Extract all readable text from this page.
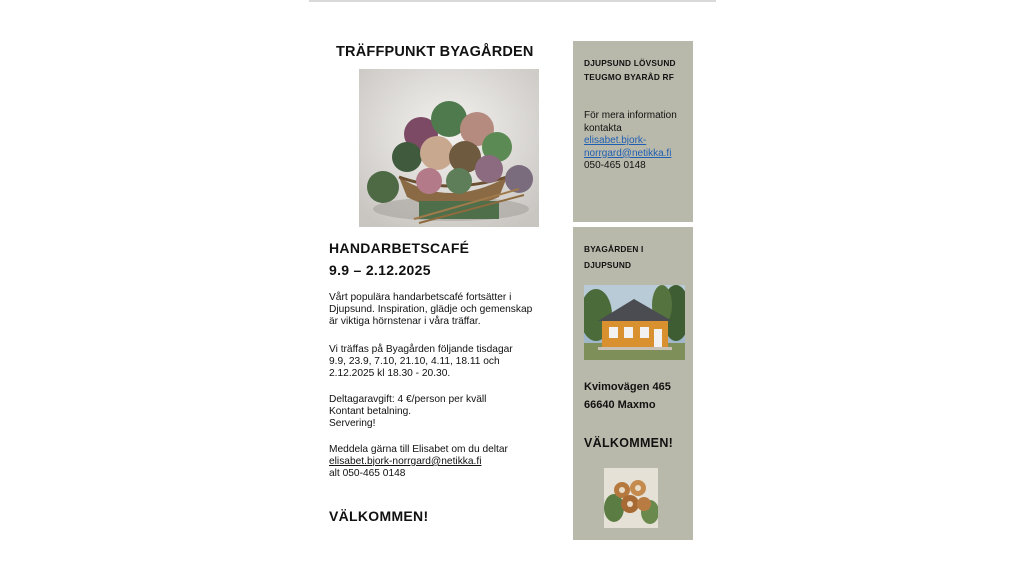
TRÄFFPUNKT BYAGÅRDEN
HANDARBETSCAFÉ
9.9 – 2.12.2025

Vårt populära handarbetscafé fortsätter i
Djupsund. Inspiration, glädje och gemenskap
är viktiga hörnstenar i våra träffar.

Vi träffas på Byagården följande tisdagar
9.9, 23.9, 7.10, 21.10, 4.11, 18.11 och
2.12.2025 kl 18.30 - 20.30.

Deltagaravgift: 4 €/person per kväll
Kontant betalning.
Servering!

Meddela gärna till Elisabet om du deltar
elisabet.bjork-norrgard@netikka.fi
alt 050-465 0148

VÄLKOMMEN!
DJUPSUND LÖVSUND
TEUGMO BYARÅD RF

För mera information
kontakta
elisabet.bjork-
norrgard@netikka.fi
050-465 0148

BYAGÅRDEN I
DJUPSUND
Kvimovägen 465
66640 Maxmo
VÄLKOMMEN!
